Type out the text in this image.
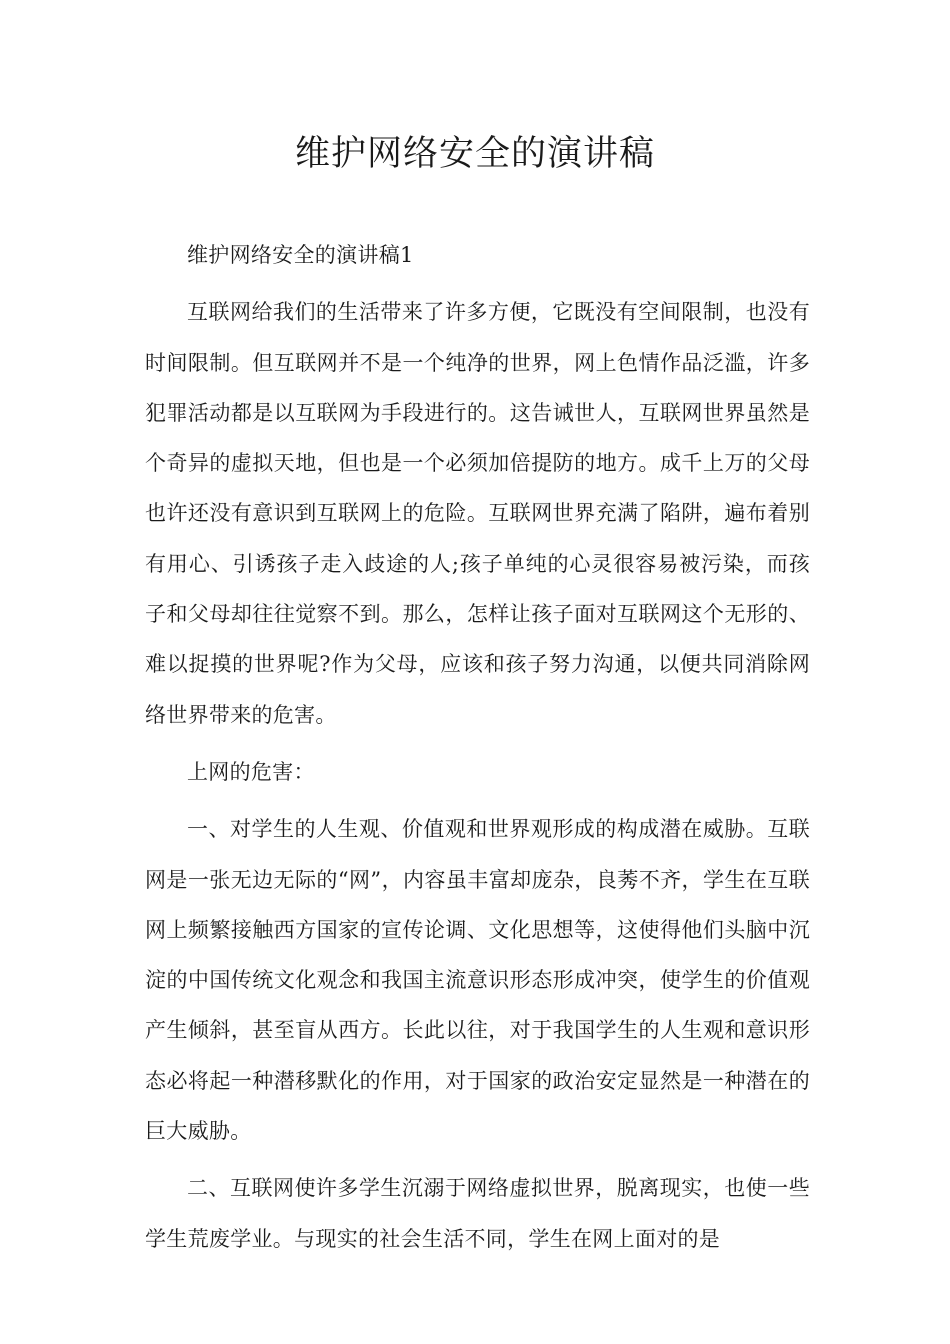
维护网络安全的演讲稿

维护网络安全的演讲稿1

互联网给我们的生活带来了许多方便，它既没有空间限制，也没有时间限制。但互联网并不是一个纯净的世界，网上色情作品泛滥，许多犯罪活动都是以互联网为手段进行的。这告诫世人，互联网世界虽然是个奇异的虚拟天地，但也是一个必须加倍提防的地方。成千上万的父母也许还没有意识到互联网上的危险。互联网世界充满了陷阱，遍布着别有用心、引诱孩子走入歧途的人;孩子单纯的心灵很容易被污染，而孩子和父母却往往觉察不到。那么，怎样让孩子面对互联网这个无形的、难以捉摸的世界呢?作为父母，应该和孩子努力沟通，以便共同消除网络世界带来的危害。

上网的危害：

一、对学生的人生观、价值观和世界观形成的构成潜在威胁。互联网是一张无边无际的“网”，内容虽丰富却庞杂，良莠不齐，学生在互联网上频繁接触西方国家的宣传论调、文化思想等，这使得他们头脑中沉淀的中国传统文化观念和我国主流意识形态形成冲突，使学生的价值观产生倾斜，甚至盲从西方。长此以往，对于我国学生的人生观和意识形态必将起一种潜移默化的作用，对于国家的政治安定显然是一种潜在的巨大威胁。

二、互联网使许多学生沉溺于网络虚拟世界，脱离现实，也使一些学生荒废学业。与现实的社会生活不同，学生在网上面对的是
